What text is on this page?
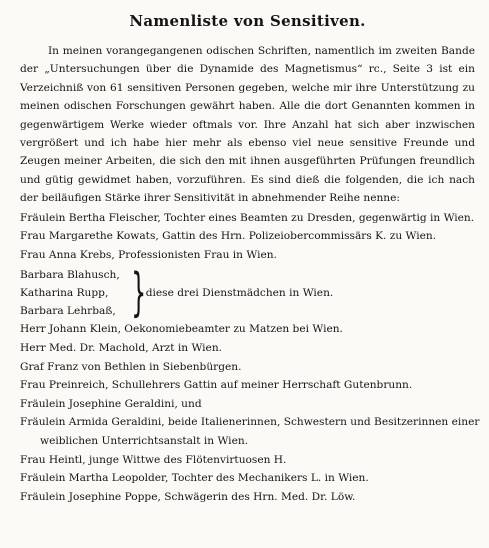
Namenliste von Sensitiven.

In meinen vorangegangenen odischen Schriften, namentlich im zweiten Bande der „Untersuchungen über die Dynamide des Magnetismus“ rc., Seite 3 ist ein Verzeichniß von 61 sensitiven Personen gegeben, welche mir ihre Unterstützung zu meinen odischen Forschungen gewährt haben. Alle die dort Genannten kommen in gegenwärtigem Werke wieder oftmals vor. Ihre Anzahl hat sich aber inzwischen vergrößert und ich habe hier mehr als ebenso viel neue sensitive Freunde und Zeugen meiner Arbeiten, die sich den mit ihnen ausgeführten Prüfungen freundlich und gütig gewidmet haben, vorzuführen. Es sind dieß die folgenden, die ich nach der beiläufigen Stärke ihrer Sensitivität in abnehmender Reihe nenne:

Fräulein Bertha Fleischer, Tochter eines Beamten zu Dresden, gegenwärtig in Wien.
Frau Margarethe Kowats, Gattin des Hrn. Polizeiobercommissärs K. zu Wien.
Frau Anna Krebs, Professionisten Frau in Wien.
Barbara Blahusch,
Katharina Rupp,
Barbara Lehrbaß, } diese drei Dienstmädchen in Wien.
Herr Johann Klein, Oekonomiebeamter zu Matzen bei Wien.
Herr Med. Dr. Machold, Arzt in Wien.
Graf Franz von Bethlen in Siebenbürgen.
Frau Preinreich, Schullehrers Gattin auf meiner Herrschaft Gutenbrunn.
Fräulein Josephine Geraldini, und
Fräulein Armida Geraldini, beide Italienerinnen, Schwestern und Besitzerinnen einer
weiblichen Unterrichtsanstalt in Wien.
Frau Heintl, junge Wittwe des Flötenvirtuosen H.
Fräulein Martha Leopolder, Tochter des Mechanikers L. in Wien.
Fräulein Josephine Poppe, Schwägerin des Hrn. Med. Dr. Löw.
